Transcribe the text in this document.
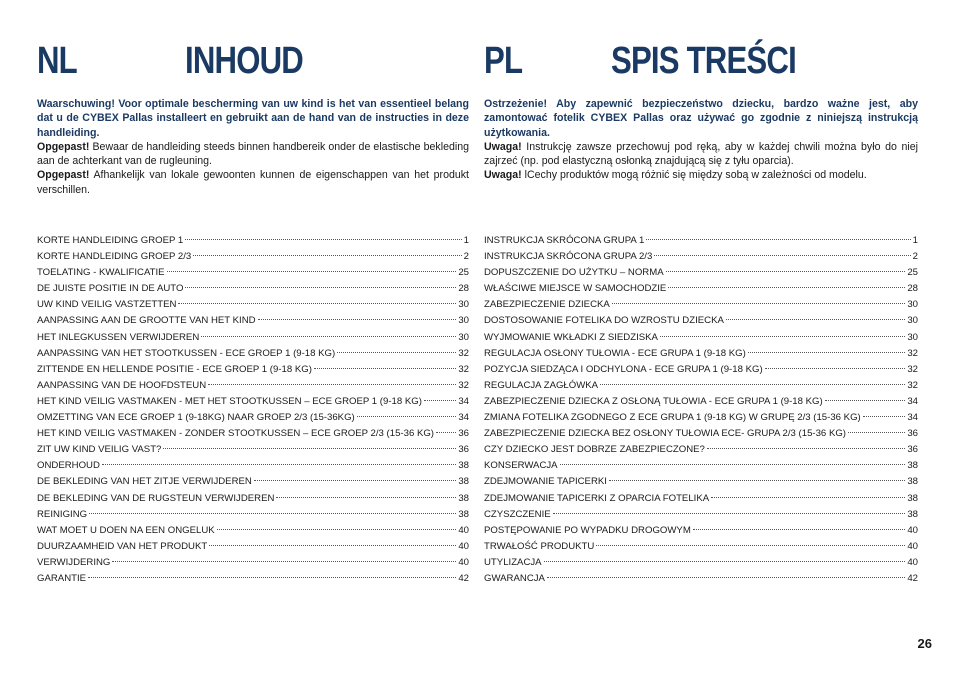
NL	INHOUD
Waarschuwing! Voor optimale bescherming van uw kind is het van essentieel belang dat u de CYBEX Pallas installeert en gebruikt aan de hand van de instructies in deze handleiding.
Opgepast! Bewaar de handleiding steeds binnen handbereik onder de elastische bekleding aan de achterkant van de rugleuning.
Opgepast! Afhankelijk van lokale gewoonten kunnen de eigenschappen van het produkt verschillen.
KORTE HANDLEIDING GROEP 1	1
KORTE HANDLEIDING GROEP 2/3	2
TOELATING - KWALIFICATIE	25
DE JUISTE POSITIE IN DE AUTO	28
UW KIND VEILIG VASTZETTEN	30
AANPASSING AAN DE GROOTTE VAN HET KIND	30
HET INLEGKUSSEN VERWIJDEREN	30
AANPASSING VAN HET STOOTKUSSEN - ECE GROEP 1 (9-18 KG)	32
ZITTENDE EN HELLENDE POSITIE - ECE GROEP 1 (9-18 KG)	32
AANPASSING VAN DE HOOFDSTEUN	32
HET KIND VEILIG VASTMAKEN - MET HET STOOTKUSSEN – ECE GROEP 1 (9-18 KG)	34
OMZETTING VAN ECE GROEP 1 (9-18KG) NAAR GROEP 2/3 (15-36KG)	34
HET KIND VEILIG VASTMAKEN - ZONDER STOOTKUSSEN – ECE GROEP 2/3 (15-36 KG)	36
ZIT UW KIND VEILIG VAST?	36
ONDERHOUD	38
DE BEKLEDING VAN HET ZITJE VERWIJDEREN	38
DE BEKLEDING VAN DE RUGSTEUN VERWIJDEREN	38
REINIGING	38
WAT MOET U DOEN NA EEN ONGELUK	40
DUURZAAMHEID VAN HET PRODUKT	40
VERWIJDERING	40
GARANTIE	42
PL SPIS TREŚCI
Ostrzeżenie! Aby zapewnić bezpieczeństwo dziecku, bardzo ważne jest, aby zamontować fotelik CYBEX Pallas oraz używać go zgodnie z niniejszą instrukcją użytkowania.
Uwaga! Instrukcję zawsze przechowuj pod ręką, aby w każdej chwili można było do niej zajrzeć (np. pod elastyczną osłonką znajdującą się z tyłu oparcia).
Uwaga! lCechy produktów mogą różnić się między sobą w zależności od modelu.
INSTRUKCJA SKRÓCONA GRUPA 1	1
INSTRUKCJA SKRÓCONA GRUPA 2/3	2
DOPUSZCZENIE DO UŻYTKU – NORMA	25
WŁAŚCIWE MIEJSCE W SAMOCHODZIE	28
ZABEZPIECZENIE DZIECKA	30
DOSTOSOWANIE FOTELIKA DO WZROSTU DZIECKA	30
WYJMOWANIE WKŁADKI Z SIEDZISKA	30
REGULACJA OSŁONY TUŁOWIA - ECE GRUPA 1 (9-18 KG)	32
POZYCJA SIEDZĄCA I ODCHYLONA - ECE GRUPA 1 (9-18 KG)	32
REGULACJA ZAGŁÓWKA	32
ZABEZPIECZENIE DZIECKA Z OSŁONĄ TUŁOWIA - ECE GRUPA 1 (9-18 KG)	34
ZMIANA FOTELIKA ZGODNEGO Z ECE GRUPA 1 (9-18 KG) W GRUPĘ 2/3 (15-36 KG)	34
ZABEZPIECZENIE DZIECKA BEZ OSŁONY TUŁOWIA ECE- GRUPA 2/3 (15-36 KG)	36
CZY DZIECKO JEST DOBRZE ZABEZPIECZONE?	36
KONSERWACJA	38
ZDEJMOWANIE TAPICERKI	38
ZDEJMOWANIE TAPICERKI Z OPARCIA FOTELIKA	38
CZYSZCZENIE	38
POSTĘPOWANIE PO WYPADKU DROGOWYM	40
TRWAŁOŚĆ PRODUKTU	40
UTYLIZACJA	40
GWARANCJA	42
26
